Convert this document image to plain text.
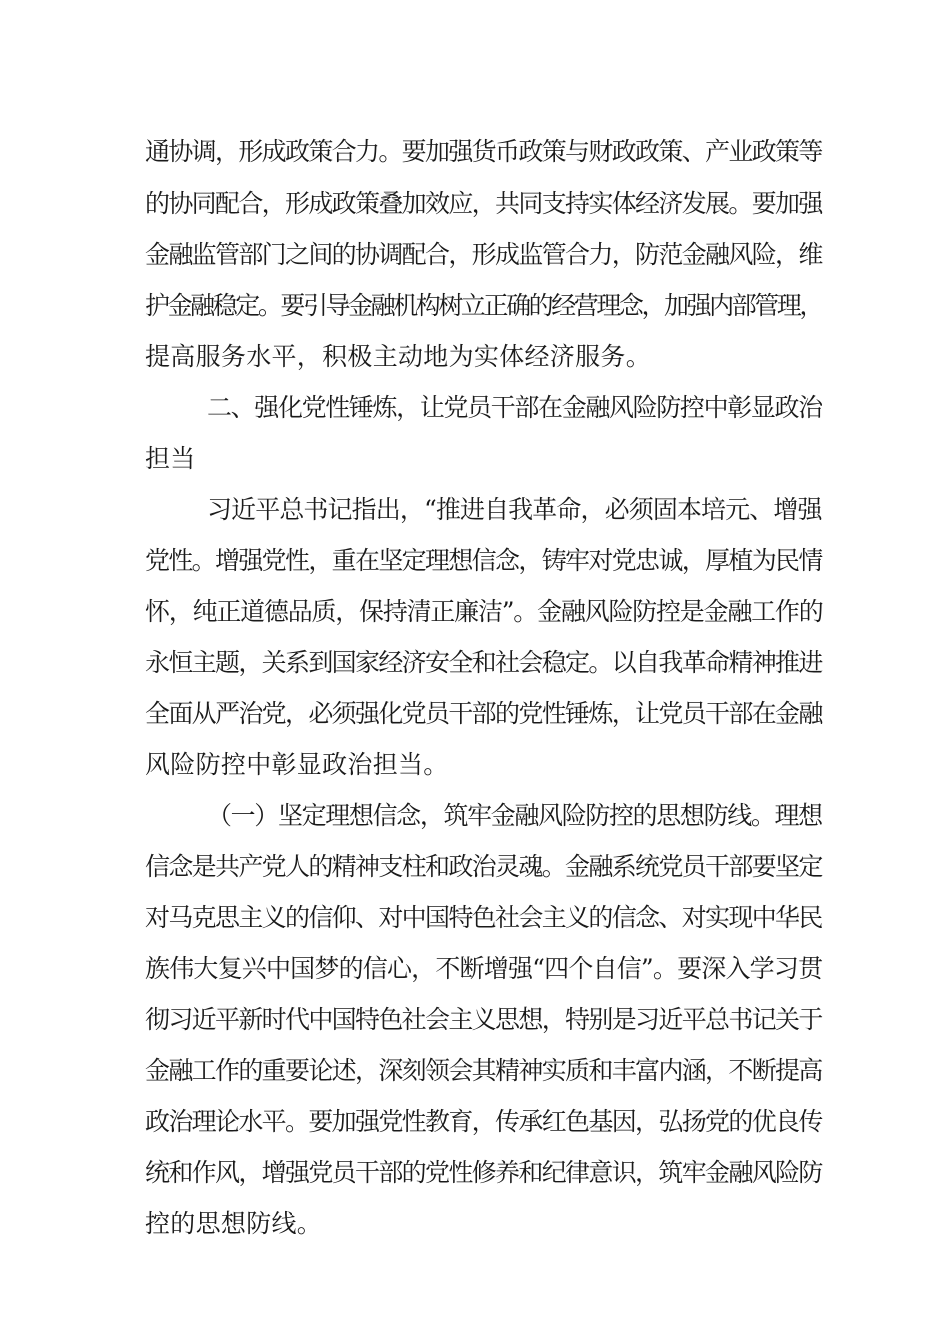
通协调，形成政策合力。要加强货币政策与财政政策、产业政策等

的协同配合，形成政策叠加效应，共同支持实体经济发展。要加强

金融监管部门之间的协调配合，形成监管合力，防范金融风险，维

护金融稳定。要引导金融机构树立正确的经营理念，加强内部管理，

提高服务水平，积极主动地为实体经济服务。

二、强化党性锤炼，让党员干部在金融风险防控中彰显政治

担当

习近平总书记指出，“推进自我革命，必须固本培元、增强

党性。增强党性，重在坚定理想信念，铸牢对党忠诚，厚植为民情

怀，纯正道德品质，保持清正廉洁”。金融风险防控是金融工作的

永恒主题，关系到国家经济安全和社会稳定。以自我革命精神推进

全面从严治党，必须强化党员干部的党性锤炼，让党员干部在金融

风险防控中彰显政治担当。

（一）坚定理想信念，筑牢金融风险防控的思想防线。理想

信念是共产党人的精神支柱和政治灵魂。金融系统党员干部要坚定

对马克思主义的信仰、对中国特色社会主义的信念、对实现中华民

族伟大复兴中国梦的信心，不断增强“四个自信”。要深入学习贯

彻习近平新时代中国特色社会主义思想，特别是习近平总书记关于

金融工作的重要论述，深刻领会其精神实质和丰富内涵，不断提高

政治理论水平。要加强党性教育，传承红色基因，弘扬党的优良传

统和作风，增强党员干部的党性修养和纪律意识，筑牢金融风险防

控的思想防线。
